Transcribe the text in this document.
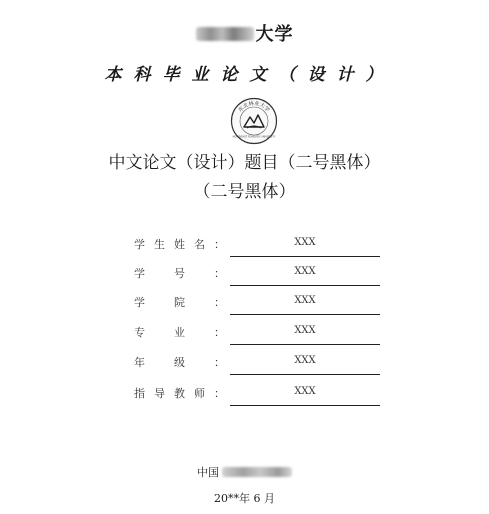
大学
本科毕业论文（设计）
东北林业大学
NORTHEAST FORESTRY UNIVERSITY
中文论文（设计）题目（二号黑体）
（二号黑体）
学 生 姓 名 ：	XXX
学	号	：	XXX
学	院	：	XXX
专	业	：	XXX
年	级	：	XXX
指 导 教 师 ：	XXX
中国
20**年 6 月
